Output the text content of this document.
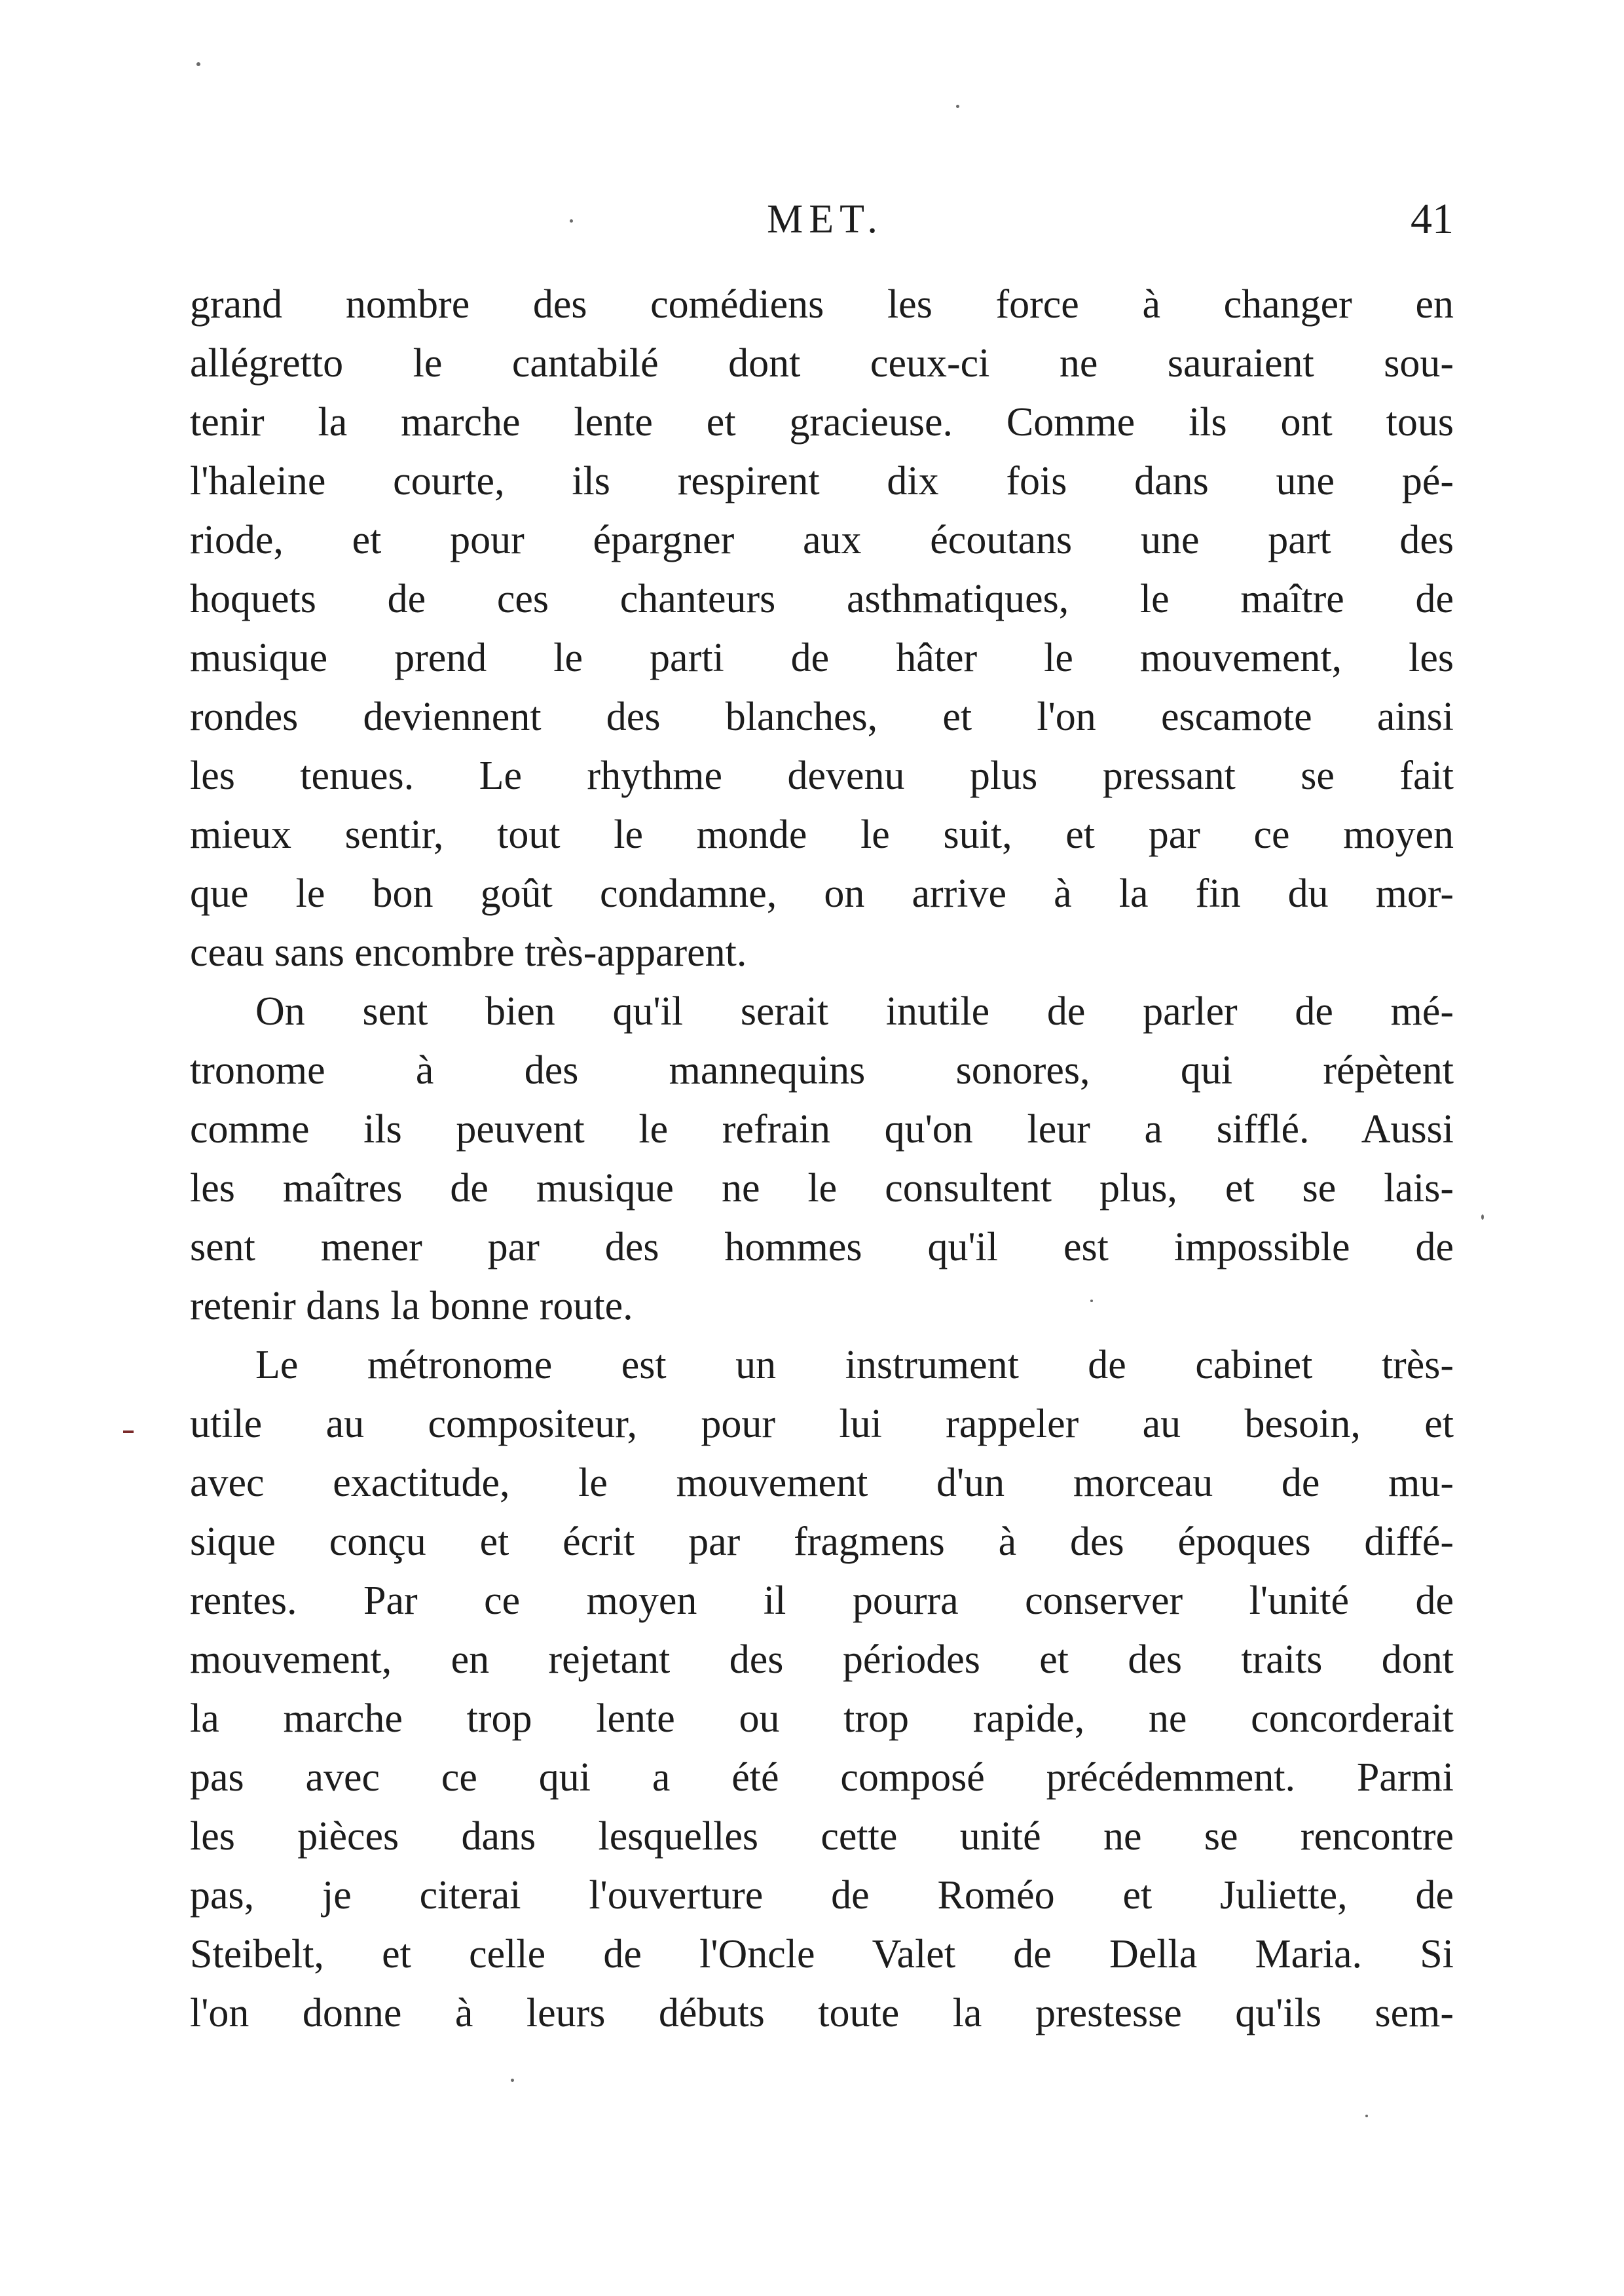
MET.	41
grand nombre des comédiens les force à changer en
allégretto le cantabilé dont ceux-ci ne sauraient sou-
tenir la marche lente et gracieuse. Comme ils ont tous
l'haleine courte, ils respirent dix fois dans une pé-
riode, et pour épargner aux écoutans une part des
hoquets de ces chanteurs asthmatiques, le maître de
musique prend le parti de hâter le mouvement, les
rondes deviennent des blanches, et l'on escamote ainsi
les tenues. Le rhythme devenu plus pressant se fait
mieux sentir, tout le monde le suit, et par ce moyen
que le bon goût condamne, on arrive à la fin du mor-
ceau sans encombre très-apparent.
On sent bien qu'il serait inutile de parler de mé-
tronome à des mannequins sonores, qui répètent
comme ils peuvent le refrain qu'on leur a sifflé. Aussi
les maîtres de musique ne le consultent plus, et se lais-
sent mener par des hommes qu'il est impossible de
retenir dans la bonne route.
Le métronome est un instrument de cabinet très-
utile au compositeur, pour lui rappeler au besoin, et
avec exactitude, le mouvement d'un morceau de mu-
sique conçu et écrit par fragmens à des époques diffé-
rentes. Par ce moyen il pourra conserver l'unité de
mouvement, en rejetant des périodes et des traits dont
la marche trop lente ou trop rapide, ne concorderait
pas avec ce qui a été composé précédemment. Parmi
les pièces dans lesquelles cette unité ne se rencontre
pas, je citerai l'ouverture de Roméo et Juliette, de
Steibelt, et celle de l'Oncle Valet de Della Maria. Si
l'on donne à leurs débuts toute la prestesse qu'ils sem-
